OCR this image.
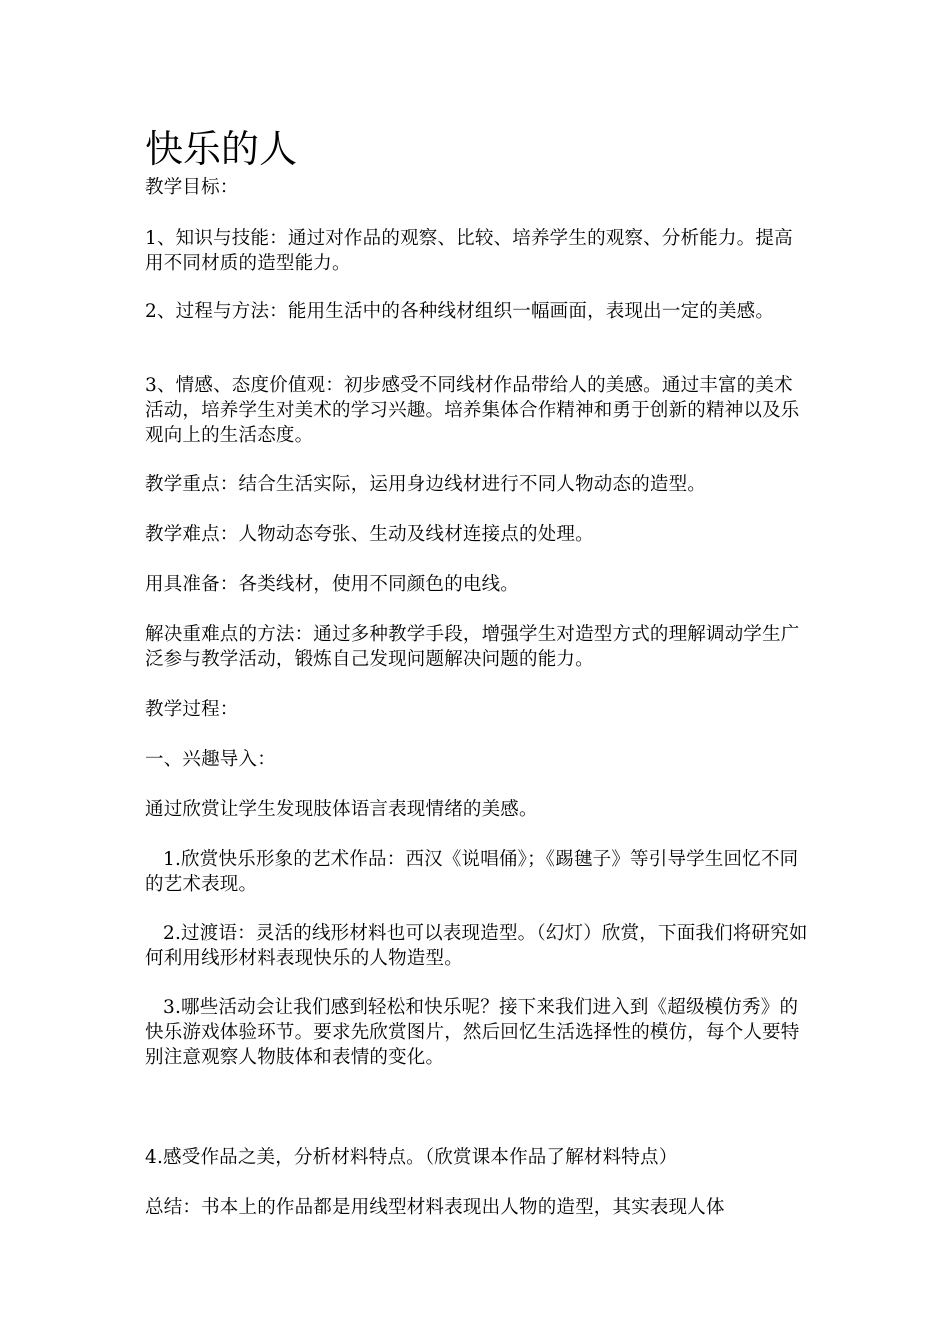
快乐的人
教学目标：
1、知识与技能：通过对作品的观察、比较、培养学生的观察、分析能力。提高用不同材质的造型能力。
2、过程与方法：能用生活中的各种线材组织一幅画面，表现出一定的美感。
3、情感、态度价值观：初步感受不同线材作品带给人的美感。通过丰富的美术活动，培养学生对美术的学习兴趣。培养集体合作精神和勇于创新的精神以及乐观向上的生活态度。
教学重点：结合生活实际，运用身边线材进行不同人物动态的造型。
教学难点：人物动态夸张、生动及线材连接点的处理。
用具准备：各类线材，使用不同颜色的电线。
解决重难点的方法：通过多种教学手段，增强学生对造型方式的理解调动学生广泛参与教学活动，锻炼自己发现问题解决问题的能力。
教学过程：
一、兴趣导入：
通过欣赏让学生发现肢体语言表现情绪的美感。
1.欣赏快乐形象的艺术作品：西汉《说唱俑》；《踢毽子》等引导学生回忆不同的艺术表现。
2.过渡语：灵活的线形材料也可以表现造型。（幻灯）欣赏，下面我们将研究如何利用线形材料表现快乐的人物造型。
3.哪些活动会让我们感到轻松和快乐呢？接下来我们进入到《超级模仿秀》的快乐游戏体验环节。要求先欣赏图片，然后回忆生活选择性的模仿，每个人要特别注意观察人物肢体和表情的变化。
4.感受作品之美，分析材料特点。（欣赏课本作品了解材料特点）
总结：书本上的作品都是用线型材料表现出人物的造型，其实表现人体
